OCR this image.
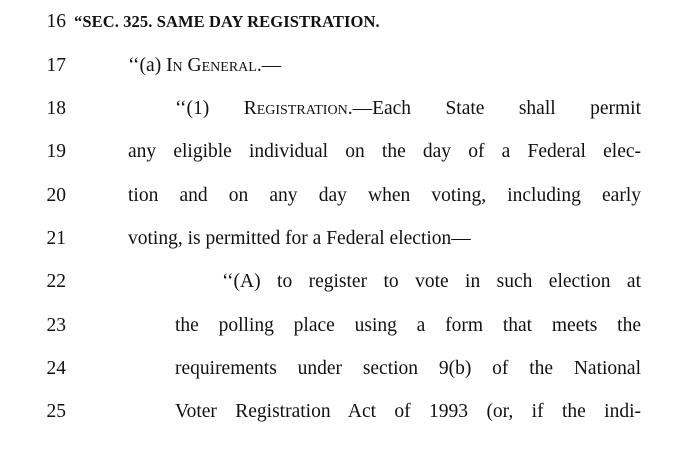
16 “SEC. 325. SAME DAY REGISTRATION.
17	‘‘(a) In General.—
18	‘‘(1) Registration.—Each State shall permit
19	any eligible individual on the day of a Federal elec-
20	tion and on any day when voting, including early
21	voting, is permitted for a Federal election—
22	‘‘(A) to register to vote in such election at
23	the polling place using a form that meets the
24	requirements under section 9(b) of the National
25	Voter Registration Act of 1993 (or, if the indi-
